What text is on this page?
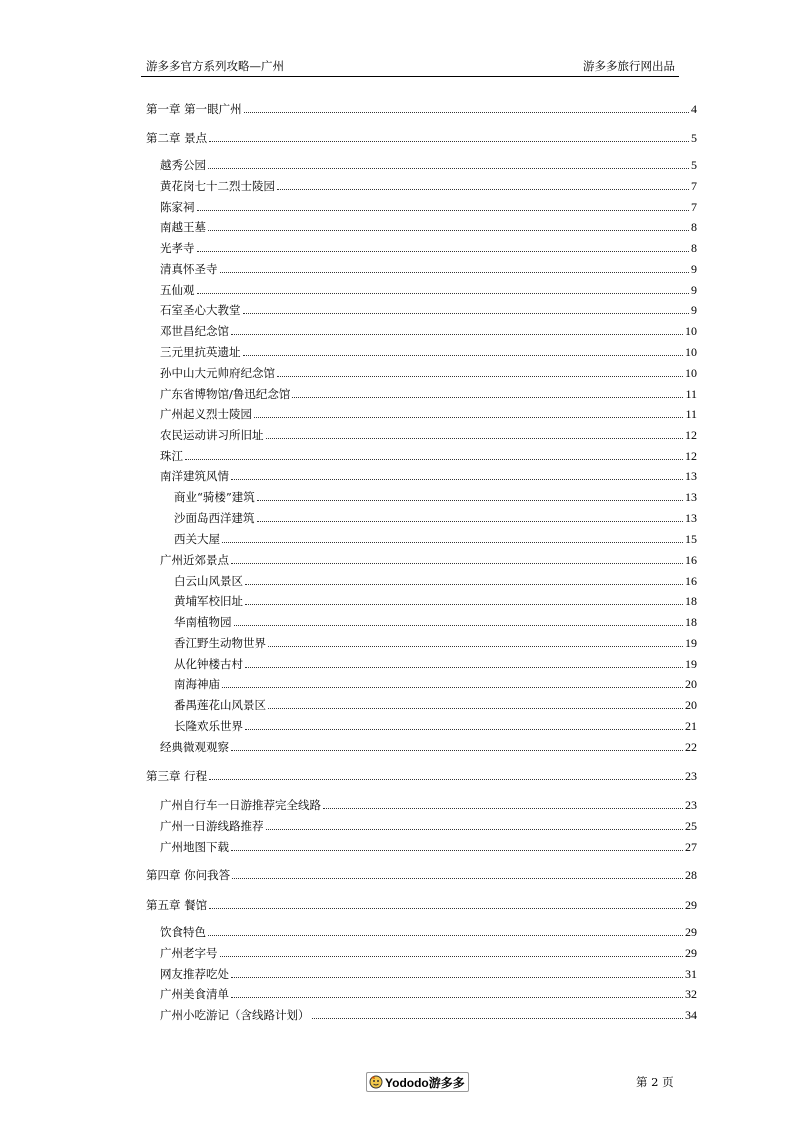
游多多官方系列攻略—广州	游多多旅行网出品
第一章 第一眼广州	4
第二章 景点	5
越秀公园	5
黄花岗七十二烈士陵园	7
陈家祠	7
南越王墓	8
光孝寺	8
清真怀圣寺	9
五仙观	9
石室圣心大教堂	9
邓世昌纪念馆	10
三元里抗英遗址	10
孙中山大元帅府纪念馆	10
广东省博物馆/鲁迅纪念馆	11
广州起义烈士陵园	11
农民运动讲习所旧址	12
珠江	12
南洋建筑风情	13
商业“骑楼”建筑	13
沙面岛西洋建筑	13
西关大屋	15
广州近郊景点	16
白云山风景区	16
黄埔军校旧址	18
华南植物园	18
香江野生动物世界	19
从化钟楼古村	19
南海神庙	20
番禺莲花山风景区	20
长隆欢乐世界	21
经典微观观察	22
第三章 行程	23
广州自行车一日游推荐完全线路	23
广州一日游线路推荐	25
广州地图下载	27
第四章 你问我答	28
第五章 餐馆	29
饮食特色	29
广州老字号	29
网友推荐吃处	31
广州美食清单	32
广州小吃游记（含线路计划）	34
Yododo游多多	第 2 页
